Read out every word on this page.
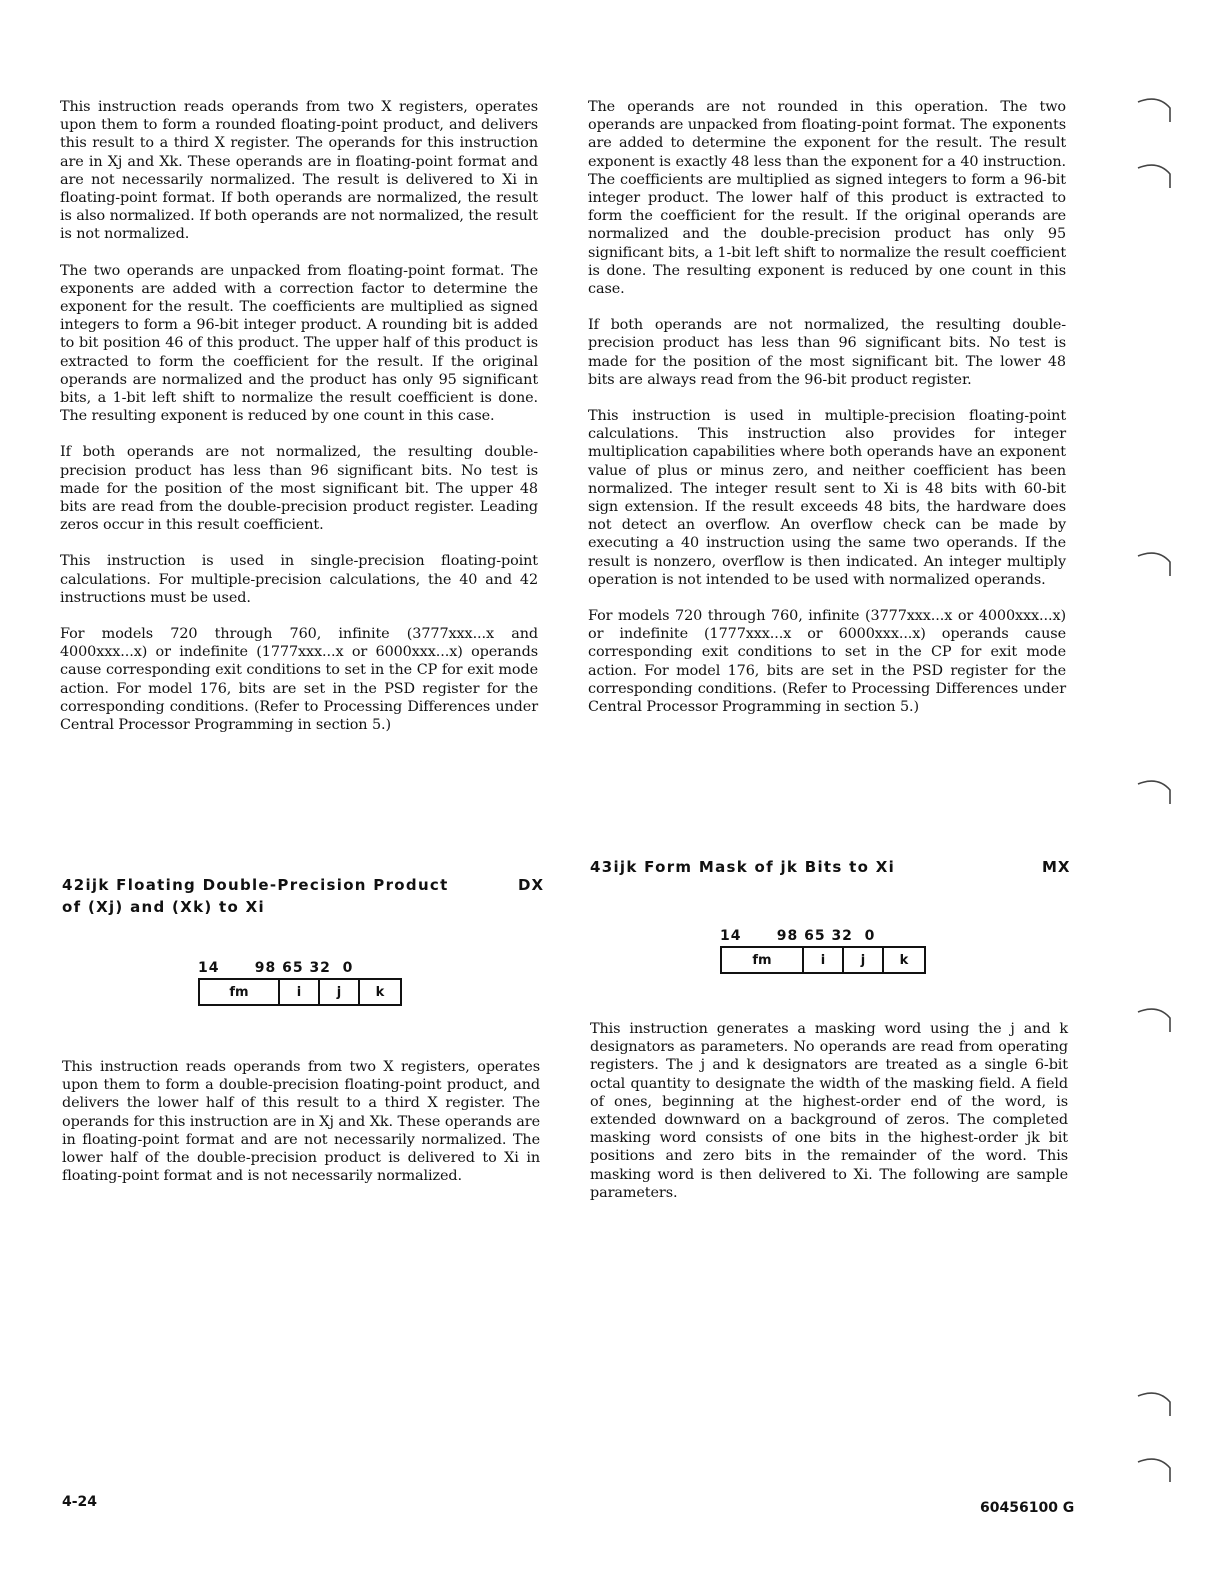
This instruction reads operands from two X registers, operates upon them to form a rounded floating-point product, and delivers this result to a third X register. The operands for this instruction are in Xj and Xk. These operands are in floating-point format and are not necessarily normalized. The result is delivered to Xi in floating-point format. If both operands are normalized, the result is also normalized. If both operands are not normalized, the result is not normalized.

The two operands are unpacked from floating-point format. The exponents are added with a correction factor to determine the exponent for the result. The coefficients are multiplied as signed integers to form a 96-bit integer product. A rounding bit is added to bit position 46 of this product. The upper half of this product is extracted to form the coefficient for the result. If the original operands are normalized and the product has only 95 significant bits, a 1-bit left shift to normalize the result coefficient is done. The resulting exponent is reduced by one count in this case.

If both operands are not normalized, the resulting double-precision product has less than 96 significant bits. No test is made for the position of the most significant bit. The upper 48 bits are read from the double-precision product register. Leading zeros occur in this result coefficient.

This instruction is used in single-precision floating-point calculations. For multiple-precision calculations, the 40 and 42 instructions must be used.

For models 720 through 760, infinite (3777xxx...x and 4000xxx...x) or indefinite (1777xxx...x or 6000xxx...x) operands cause corresponding exit conditions to set in the CP for exit mode action. For model 176, bits are set in the PSD register for the corresponding conditions. (Refer to Processing Differences under Central Processor Programming in section 5.)

42ijk Floating Double-Precision Product
of (Xj) and (Xk) to Xi
DX
14      98 65 32  0
fm	i	j	k

This instruction reads operands from two X registers, operates upon them to form a double-precision floating-point product, and delivers the lower half of this result to a third X register. The operands for this instruction are in Xj and Xk. These operands are in floating-point format and are not necessarily normalized. The lower half of the double-precision product is delivered to Xi in floating-point format and is not necessarily normalized.

The operands are not rounded in this operation. The two operands are unpacked from floating-point format. The exponents are added to determine the exponent for the result. The result exponent is exactly 48 less than the exponent for a 40 instruction. The coefficients are multiplied as signed integers to form a 96-bit integer product. The lower half of this product is extracted to form the coefficient for the result. If the original operands are normalized and the double-precision product has only 95 significant bits, a 1-bit left shift to normalize the result coefficient is done. The resulting exponent is reduced by one count in this case.

If both operands are not normalized, the resulting double-precision product has less than 96 significant bits. No test is made for the position of the most significant bit. The lower 48 bits are always read from the 96-bit product register.

This instruction is used in multiple-precision floating-point calculations. This instruction also provides for integer multiplication capabilities where both operands have an exponent value of plus or minus zero, and neither coefficient has been normalized. The integer result sent to Xi is 48 bits with 60-bit sign extension. If the result exceeds 48 bits, the hardware does not detect an overflow. An overflow check can be made by executing a 40 instruction using the same two operands. If the result is nonzero, overflow is then indicated. An integer multiply operation is not intended to be used with normalized operands.

For models 720 through 760, infinite (3777xxx...x or 4000xxx...x) or indefinite (1777xxx...x or 6000xxx...x) operands cause corresponding exit conditions to set in the CP for exit mode action. For model 176, bits are set in the PSD register for the corresponding conditions. (Refer to Processing Differences under Central Processor Programming in section 5.)

43ijk Form Mask of jk Bits to Xi	MX
14      98 65 32  0
fm	i	j	k

This instruction generates a masking word using the j and k designators as parameters. No operands are read from operating registers. The j and k designators are treated as a single 6-bit octal quantity to designate the width of the masking field. A field of ones, beginning at the highest-order end of the word, is extended downward on a background of zeros. The completed masking word consists of one bits in the highest-order jk bit positions and zero bits in the remainder of the word. This masking word is then delivered to Xi. The following are sample parameters.

4-24	60456100 G
